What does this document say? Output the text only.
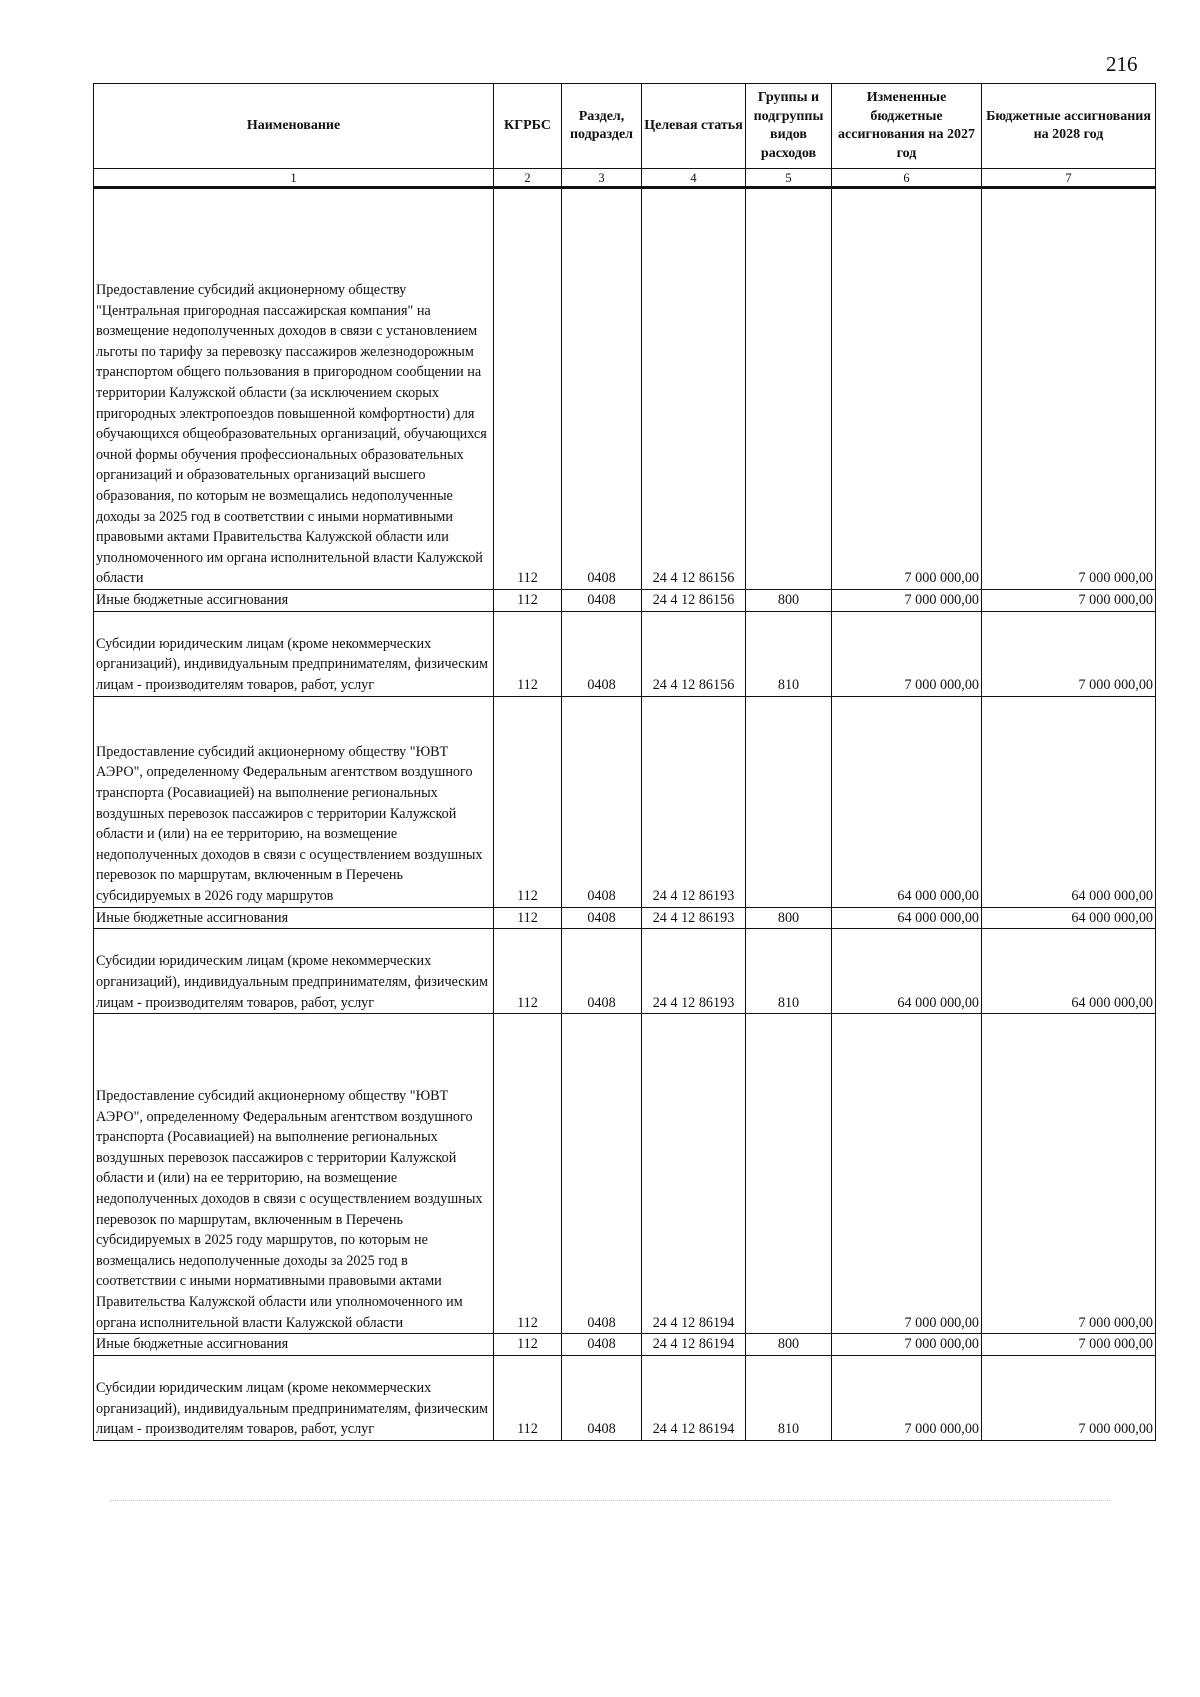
216
Наименование	КГРБС	Раздел, подраздел	Целевая статья	Группы и подгруппы видов расходов	Измененные бюджетные ассигнования на 2027 год	Бюджетные ассигнования на 2028 год
1	2	3	4	5	6	7
Предоставление субсидий акционерному обществу "Центральная пригородная пассажирская компания" на возмещение недополученных доходов в связи с установлением льготы по тарифу за перевозку пассажиров железнодорожным транспортом общего пользования в пригородном сообщении на территории Калужской области (за исключением скорых пригородных электропоездов повышенной комфортности) для обучающихся общеобразовательных организаций, обучающихся очной формы обучения профессиональных образовательных организаций и образовательных организаций высшего образования, по которым не возмещались недополученные доходы за 2025 год в соответствии с иными нормативными правовыми актами Правительства Калужской области или уполномоченного им органа исполнительной власти Калужской области	112	0408	24 4 12 86156		7 000 000,00	7 000 000,00
Иные бюджетные ассигнования	112	0408	24 4 12 86156	800	7 000 000,00	7 000 000,00
Субсидии юридическим лицам (кроме некоммерческих организаций), индивидуальным предпринимателям, физическим лицам - производителям товаров, работ, услуг	112	0408	24 4 12 86156	810	7 000 000,00	7 000 000,00
Предоставление субсидий акционерному обществу "ЮВТ АЭРО", определенному Федеральным агентством воздушного транспорта (Росавиацией) на выполнение региональных воздушных перевозок пассажиров с территории Калужской области и (или) на ее территорию, на возмещение недополученных доходов в связи с осуществлением воздушных перевозок по маршрутам, включенным в Перечень субсидируемых в 2026 году маршрутов	112	0408	24 4 12 86193		64 000 000,00	64 000 000,00
Иные бюджетные ассигнования	112	0408	24 4 12 86193	800	64 000 000,00	64 000 000,00
Субсидии юридическим лицам (кроме некоммерческих организаций), индивидуальным предпринимателям, физическим лицам - производителям товаров, работ, услуг	112	0408	24 4 12 86193	810	64 000 000,00	64 000 000,00
Предоставление субсидий акционерному обществу "ЮВТ АЭРО", определенному Федеральным агентством воздушного транспорта (Росавиацией) на выполнение региональных воздушных перевозок пассажиров с территории Калужской области и (или) на ее территорию, на возмещение недополученных доходов в связи с осуществлением воздушных перевозок по маршрутам, включенным в Перечень субсидируемых в 2025 году маршрутов, по которым не возмещались недополученные доходы за 2025 год в соответствии с иными нормативными правовыми актами Правительства Калужской области или уполномоченного им органа исполнительной власти Калужской области	112	0408	24 4 12 86194		7 000 000,00	7 000 000,00
Иные бюджетные ассигнования	112	0408	24 4 12 86194	800	7 000 000,00	7 000 000,00
Субсидии юридическим лицам (кроме некоммерческих организаций), индивидуальным предпринимателям, физическим лицам - производителям товаров, работ, услуг	112	0408	24 4 12 86194	810	7 000 000,00	7 000 000,00
